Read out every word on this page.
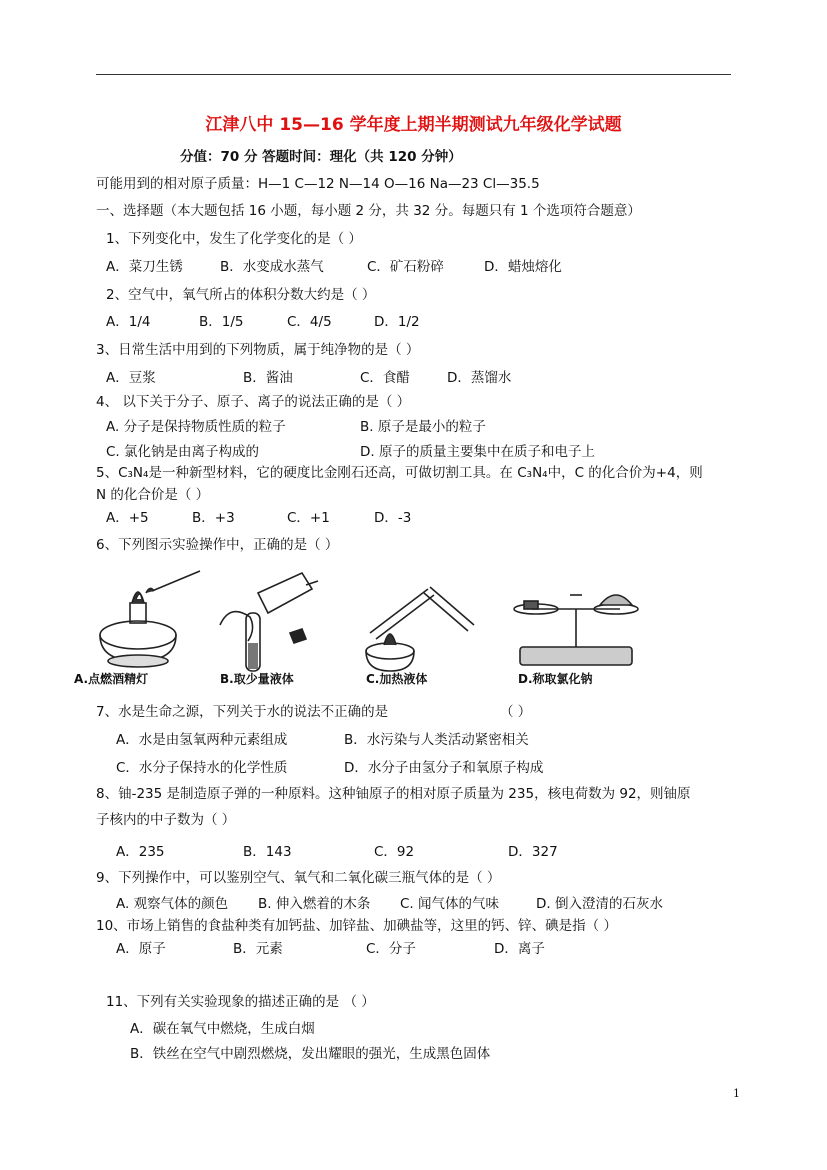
江津八中 15—16 学年度上期半期测试九年级化学试题
分值：70 分 答题时间：理化（共 120 分钟）
可能用到的相对原子质量：H—1 C—12 N—14 O—16 Na—23 Cl—35.5
一、选择题（本大题包括 16 小题，每小题 2 分，共 32 分。每题只有 1 个选项符合题意）
1、下列变化中，发生了化学变化的是（ ）
A．菜刀生锈	B．水变成水蒸气	C．矿石粉碎	D．蜡烛熔化
2、空气中，氧气所占的体积分数大约是（ ）
A．1/4	B．1/5	C．4/5	D．1/2
3、日常生活中用到的下列物质，属于纯净物的是（ ）
A．豆浆	B．酱油	C．食醋	D．蒸馏水
4、 以下关于分子、原子、离子的说法正确的是（ ）
A. 分子是保持物质性质的粒子	B. 原子是最小的粒子
C. 氯化钠是由离子构成的	D. 原子的质量主要集中在质子和电子上
5、C₃N₄是一种新型材料，它的硬度比金刚石还高，可做切割工具。在 C₃N₄中，C 的化合价为+4，则
N 的化合价是（ ）
A．+5	B．+3	C．+1	D．-3
6、下列图示实验操作中，正确的是（ ）
A.点燃酒精灯	B.取少量液体	C.加热液体	D.称取氯化钠
7、水是生命之源，下列关于水的说法不正确的是	（ ）
A．水是由氢氧两种元素组成	B．水污染与人类活动紧密相关
C．水分子保持水的化学性质	D．水分子由氢分子和氧原子构成
8、铀-235 是制造原子弹的一种原料。这种铀原子的相对原子质量为 235，核电荷数为 92，则铀原
子核内的中子数为（ ）
A．235	B．143	C．92	D．327
9、下列操作中，可以鉴别空气、氧气和二氧化碳三瓶气体的是（ ）
A. 观察气体的颜色 B. 伸入燃着的木条 C. 闻气体的气味	D. 倒入澄清的石灰水
10、市场上销售的食盐种类有加钙盐、加锌盐、加碘盐等，这里的钙、锌、碘是指（ ）
A．原子	B．元素	C．分子	D．离子
11、下列有关实验现象的描述正确的是 （ ）
A．碳在氧气中燃烧，生成白烟
B．铁丝在空气中剧烈燃烧，发出耀眼的强光，生成黑色固体
1
